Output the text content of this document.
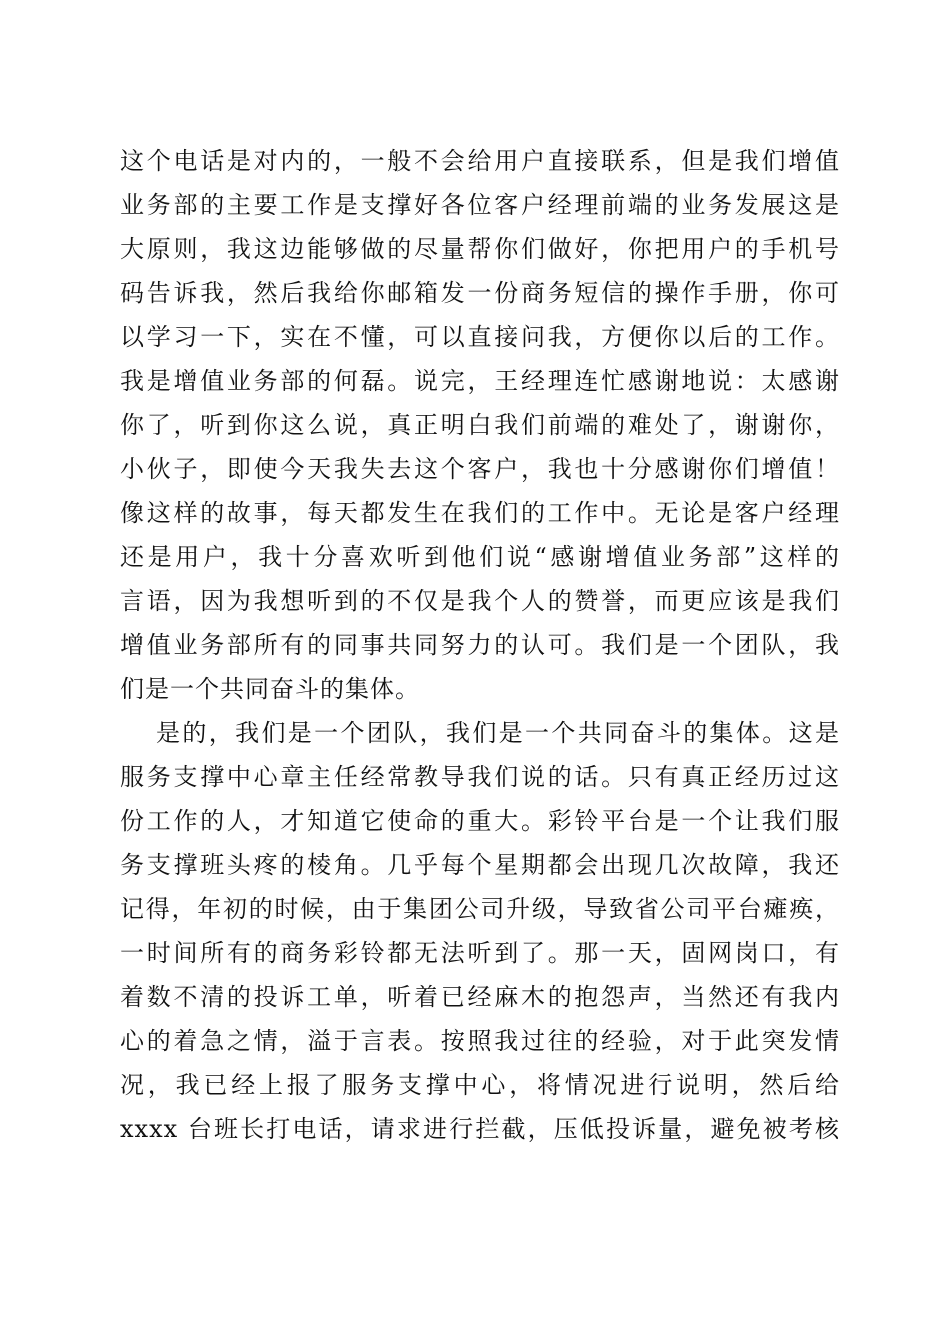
这个电话是对内的，一般不会给用户直接联系，但是我们增值
业务部的主要工作是支撑好各位客户经理前端的业务发展这是
大原则，我这边能够做的尽量帮你们做好，你把用户的手机号
码告诉我，然后我给你邮箱发一份商务短信的操作手册，你可
以学习一下，实在不懂，可以直接问我，方便你以后的工作。
我是增值业务部的何磊。说完，王经理连忙感谢地说：太感谢
你了，听到你这么说，真正明白我们前端的难处了，谢谢你，
小伙子，即使今天我失去这个客户，我也十分感谢你们增值！
像这样的故事，每天都发生在我们的工作中。无论是客户经理
还是用户，我十分喜欢听到他们说“感谢增值业务部”这样的
言语，因为我想听到的不仅是我个人的赞誉，而更应该是我们
增值业务部所有的同事共同努力的认可。我们是一个团队，我
们是一个共同奋斗的集体。
是的，我们是一个团队，我们是一个共同奋斗的集体。这是
服务支撑中心章主任经常教导我们说的话。只有真正经历过这
份工作的人，才知道它使命的重大。彩铃平台是一个让我们服
务支撑班头疼的棱角。几乎每个星期都会出现几次故障，我还
记得，年初的时候，由于集团公司升级，导致省公司平台瘫痪，
一时间所有的商务彩铃都无法听到了。那一天，固网岗口，有
着数不清的投诉工单，听着已经麻木的抱怨声，当然还有我内
心的着急之情，溢于言表。按照我过往的经验，对于此突发情
况，我已经上报了服务支撑中心，将情况进行说明，然后给
xxxx 台班长打电话，请求进行拦截，压低投诉量，避免被考核
